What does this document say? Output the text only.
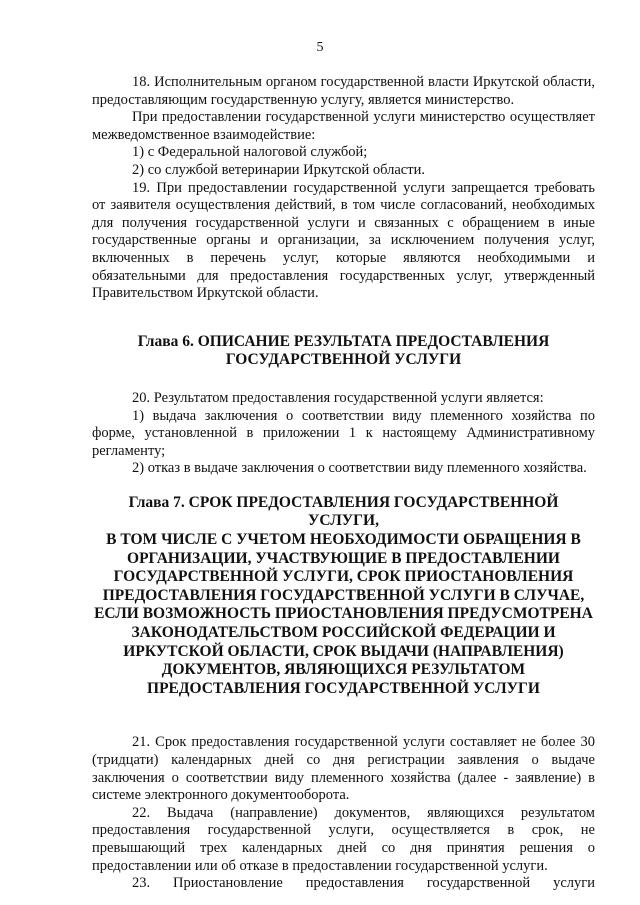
5

18. Исполнительным органом государственной власти Иркутской области, предоставляющим государственную услугу, является министерство.

При предоставлении государственной услуги министерство осуществляет межведомственное взаимодействие:

1) с Федеральной налоговой службой;

2) со службой ветеринарии Иркутской области.

19. При предоставлении государственной услуги запрещается требовать от заявителя осуществления действий, в том числе согласований, необходимых для получения государственной услуги и связанных с обращением в иные государственные органы и организации, за исключением получения услуг, включенных в перечень услуг, которые являются необходимыми и обязательными для предоставления государственных услуг, утвержденный Правительством Иркутской области.

Глава 6. ОПИСАНИЕ РЕЗУЛЬТАТА ПРЕДОСТАВЛЕНИЯ
ГОСУДАРСТВЕННОЙ УСЛУГИ

20. Результатом предоставления государственной услуги является:

1) выдача заключения о соответствии виду племенного хозяйства по форме, установленной в приложении 1 к настоящему Административному регламенту;

2) отказ в выдаче заключения о соответствии виду племенного хозяйства.

Глава 7. СРОК ПРЕДОСТАВЛЕНИЯ ГОСУДАРСТВЕННОЙ УСЛУГИ,
В ТОМ ЧИСЛЕ С УЧЕТОМ НЕОБХОДИМОСТИ ОБРАЩЕНИЯ В
ОРГАНИЗАЦИИ, УЧАСТВУЮЩИЕ В ПРЕДОСТАВЛЕНИИ
ГОСУДАРСТВЕННОЙ УСЛУГИ, СРОК ПРИОСТАНОВЛЕНИЯ
ПРЕДОСТАВЛЕНИЯ ГОСУДАРСТВЕННОЙ УСЛУГИ В СЛУЧАЕ,
ЕСЛИ ВОЗМОЖНОСТЬ ПРИОСТАНОВЛЕНИЯ ПРЕДУСМОТРЕНА
ЗАКОНОДАТЕЛЬСТВОМ РОССИЙСКОЙ ФЕДЕРАЦИИ И
ИРКУТСКОЙ ОБЛАСТИ, СРОК ВЫДАЧИ (НАПРАВЛЕНИЯ)
ДОКУМЕНТОВ, ЯВЛЯЮЩИХСЯ РЕЗУЛЬТАТОМ
ПРЕДОСТАВЛЕНИЯ ГОСУДАРСТВЕННОЙ УСЛУГИ

21. Срок предоставления государственной услуги составляет не более 30 (тридцати) календарных дней со дня регистрации заявления о выдаче заключения о соответствии виду племенного хозяйства (далее - заявление) в системе электронного документооборота.

22. Выдача (направление) документов, являющихся результатом предоставления государственной услуги, осуществляется в срок, не превышающий трех календарных дней со дня принятия решения о предоставлении или об отказе в предоставлении государственной услуги.

23. Приостановление предоставления государственной услуги
